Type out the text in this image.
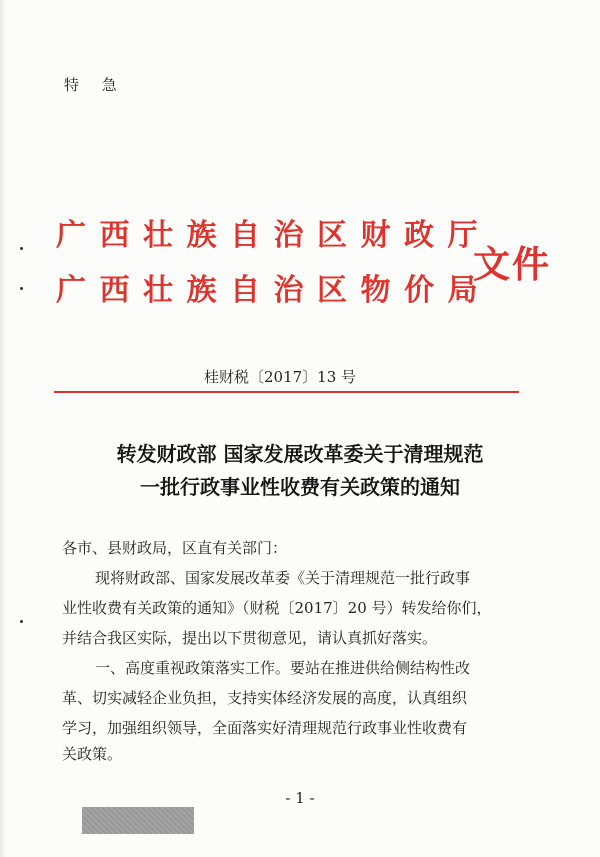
特 急
广西壮族自治区财政厅
广西壮族自治区物价局
文件
桂财税〔2017〕13 号
转发财政部 国家发展改革委关于清理规范
一批行政事业性收费有关政策的通知
各市、县财政局，区直有关部门：
现将财政部、国家发展改革委《关于清理规范一批行政事
业性收费有关政策的通知》（财税〔2017〕20 号）转发给你们，
并结合我区实际，提出以下贯彻意见，请认真抓好落实。
一、高度重视政策落实工作。要站在推进供给侧结构性改
革、切实减轻企业负担，支持实体经济发展的高度，认真组织
学习，加强组织领导，全面落实好清理规范行政事业性收费有
关政策。
- 1 -
